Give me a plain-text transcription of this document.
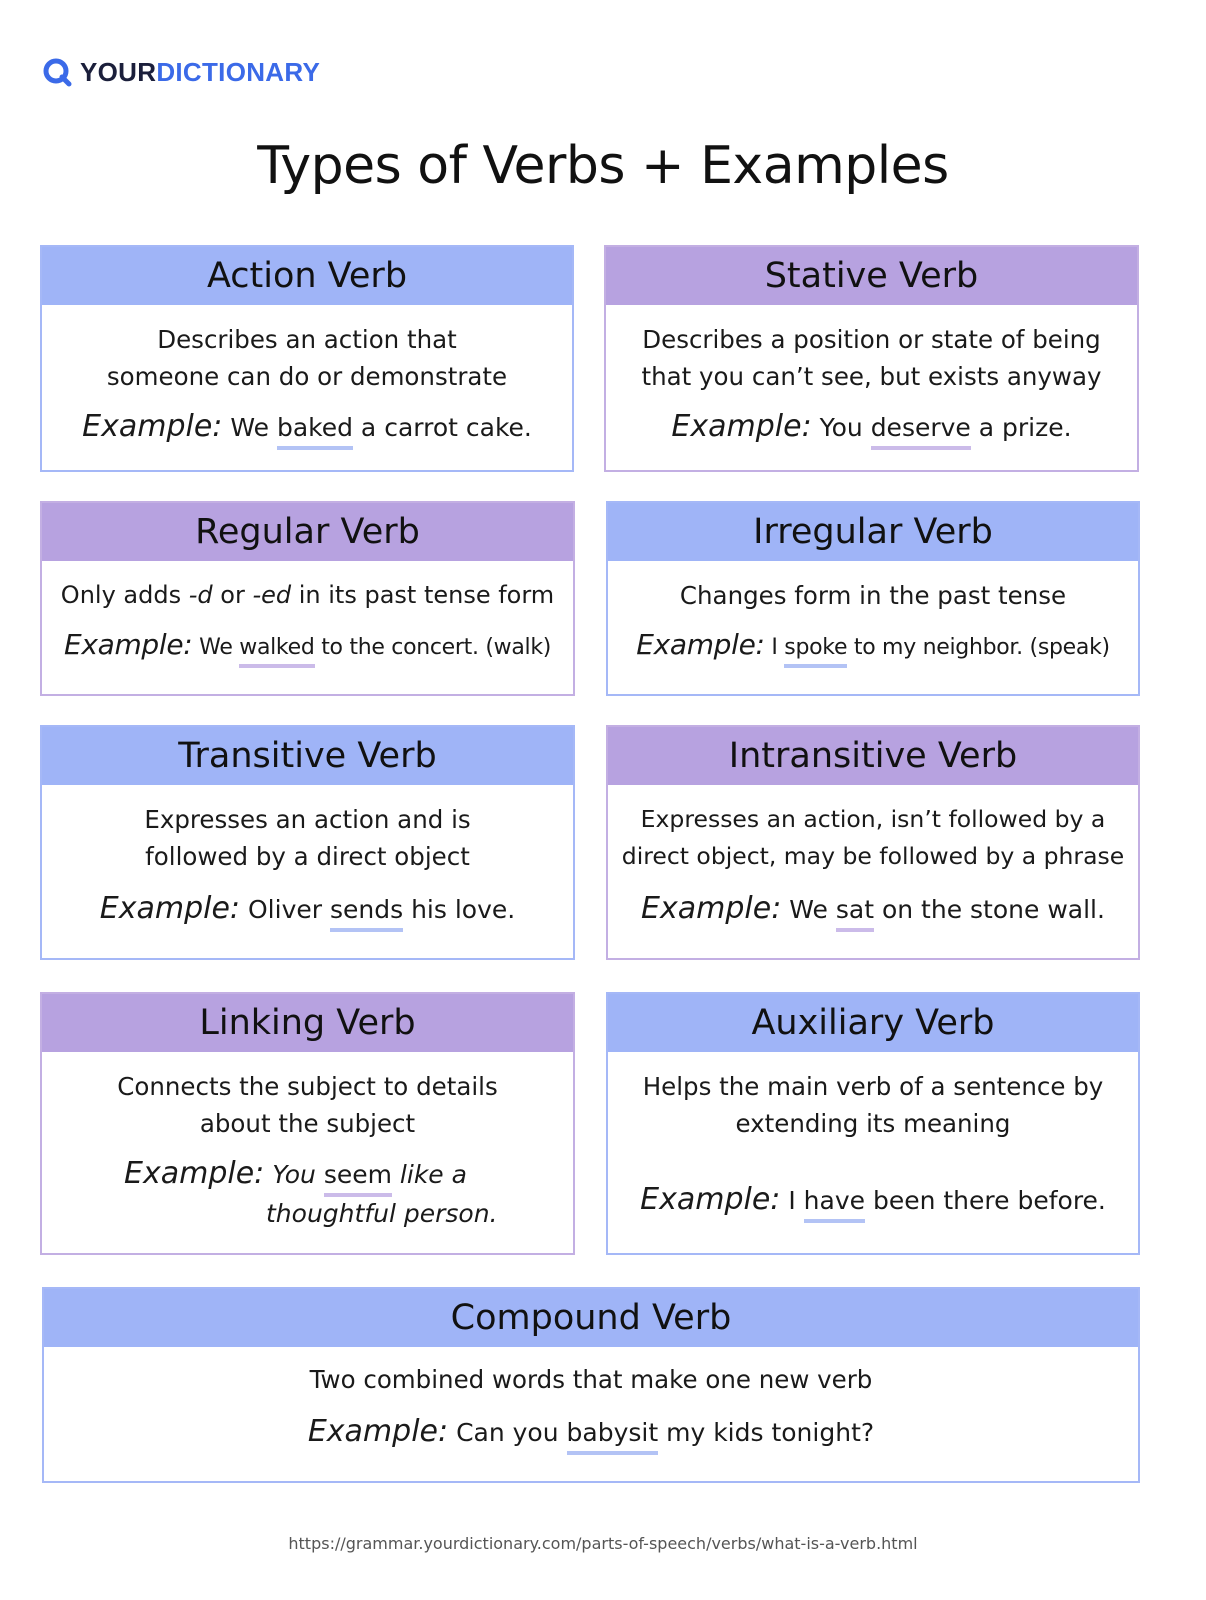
YOURDICTIONARY
Types of Verbs + Examples
Action Verb
Describes an action that
someone can do or demonstrate
Example: We baked a carrot cake.
Stative Verb
Describes a position or state of being
that you can’t see, but exists anyway
Example: You deserve a prize.
Regular Verb
Only adds -d or -ed in its past tense form
Example: We walked to the concert. (walk)
Irregular Verb
Changes form in the past tense
Example: I spoke to my neighbor. (speak)
Transitive Verb
Expresses an action and is
followed by a direct object
Example: Oliver sends his love.
Intransitive Verb
Expresses an action, isn’t followed by a
direct object, may be followed by a phrase
Example: We sat on the stone wall.
Linking Verb
Connects the subject to details
about the subject
Example: You seem like a
thoughtful person.
Auxiliary Verb
Helps the main verb of a sentence by
extending its meaning
Example: I have been there before.
Compound Verb
Two combined words that make one new verb
Example: Can you babysit my kids tonight?
https://grammar.yourdictionary.com/parts-of-speech/verbs/what-is-a-verb.html
